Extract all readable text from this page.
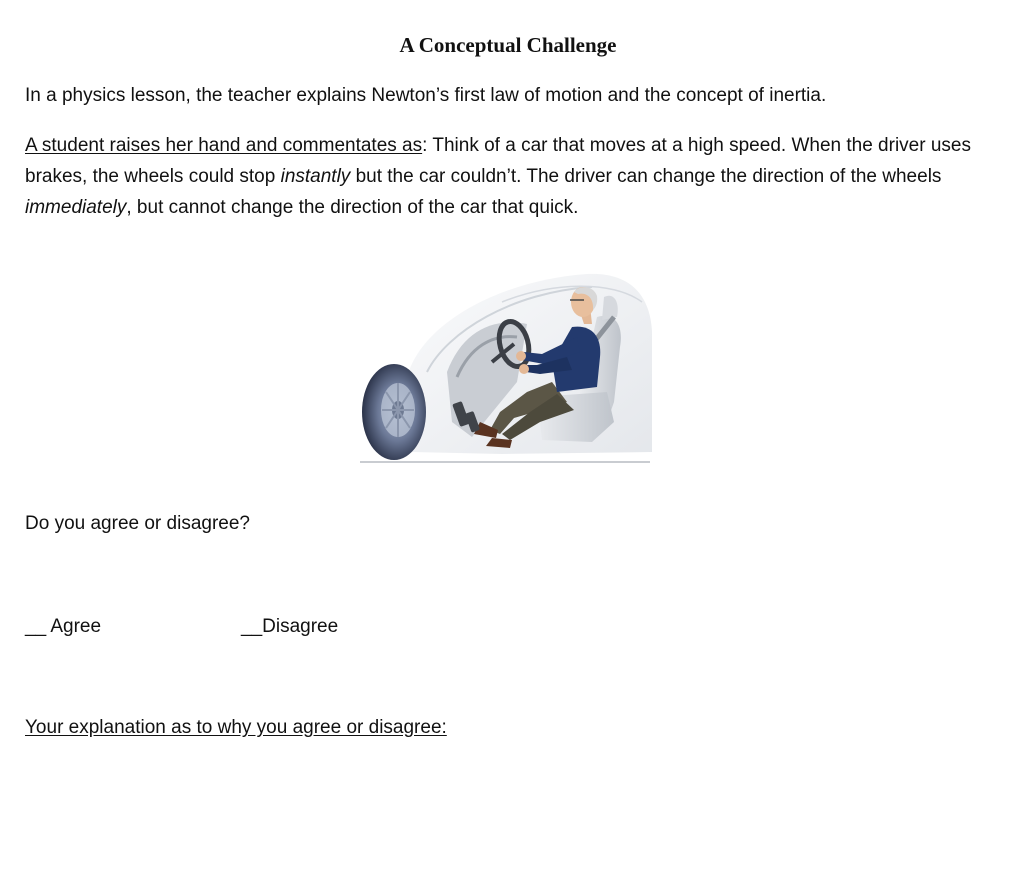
A Conceptual Challenge

In a physics lesson, the teacher explains Newton’s first law of motion and the concept of inertia.

A student raises her hand and commentates as: Think of a car that moves at a high speed. When the driver uses brakes, the wheels could stop instantly but the car couldn’t. The driver can change the direction of the wheels immediately, but cannot change the direction of the car that quick.

Do you agree or disagree?

__ Agree	__Disagree

Your explanation as to why you agree or disagree:
